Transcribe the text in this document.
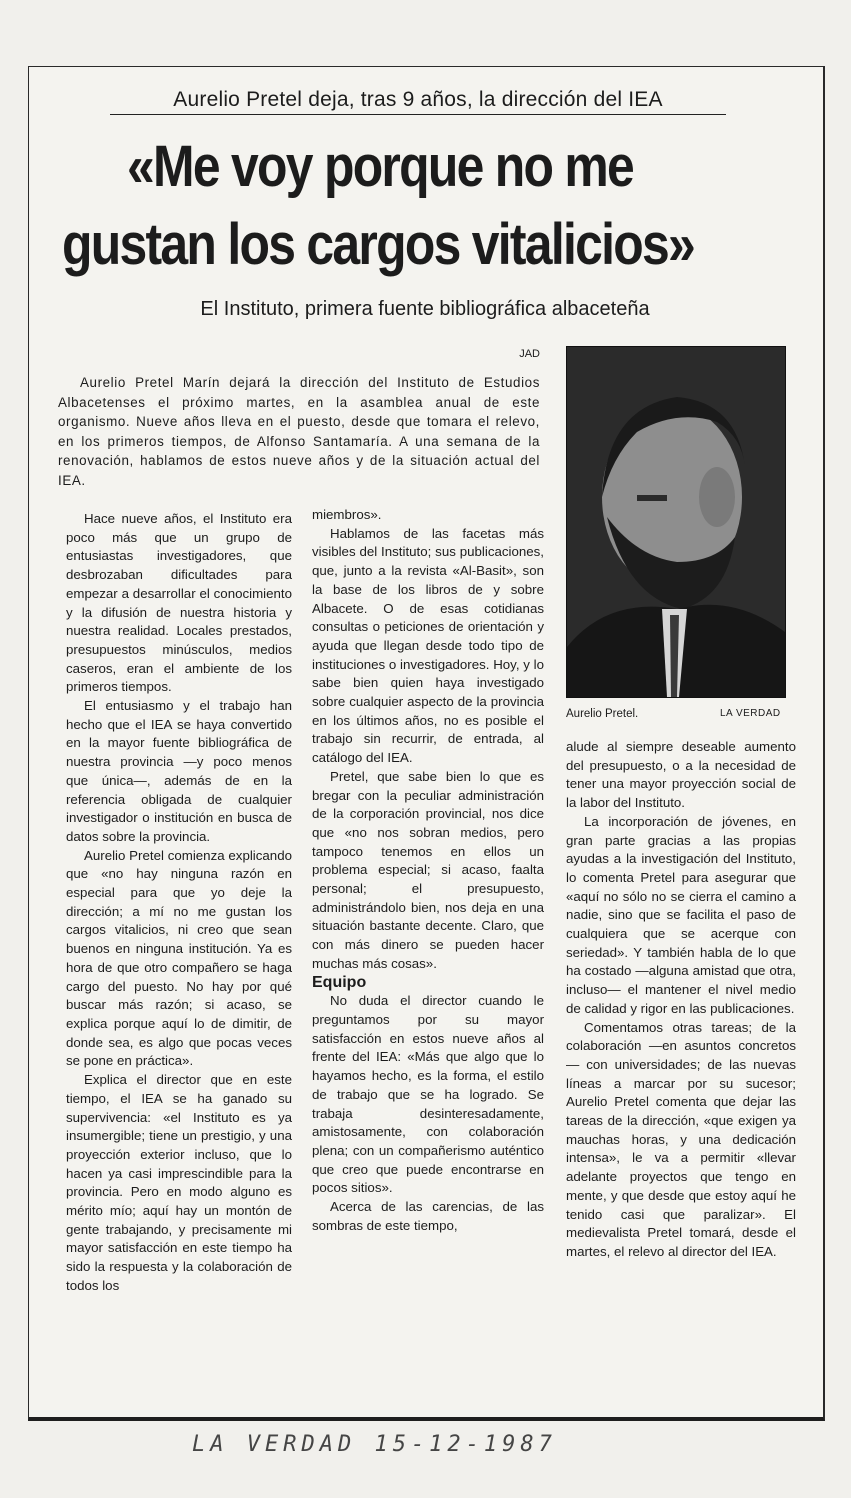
Aurelio Pretel deja, tras 9 años, la dirección del IEA
«Me voy porque no me
gustan los cargos vitalicios»
El Instituto, primera fuente bibliográfica albaceteña
JAD
Aurelio Pretel Marín dejará la dirección del Instituto de Estudios Albacetenses el próximo martes, en la asamblea anual de este organismo. Nueve años lleva en el puesto, desde que tomara el relevo, en los primeros tiempos, de Alfonso Santamaría. A una semana de la renovación, hablamos de estos nueve años y de la situación actual del IEA.
Aurelio Pretel.	LA VERDAD

Hace nueve años, el Instituto era poco más que un grupo de entusiastas investigadores, que desbrozaban dificultades para empezar a desarrollar el conocimiento y la difusión de nuestra historia y nuestra realidad. Locales prestados, presupuestos minúsculos, medios caseros, eran el ambiente de los primeros tiempos.

El entusiasmo y el trabajo han hecho que el IEA se haya convertido en la mayor fuente bibliográfica de nuestra provincia —y poco menos que única—, además de en la referencia obligada de cualquier investigador o institución en busca de datos sobre la provincia.

Aurelio Pretel comienza explicando que «no hay ninguna razón en especial para que yo deje la dirección; a mí no me gustan los cargos vitalicios, ni creo que sean buenos en ninguna institución. Ya es hora de que otro compañero se haga cargo del puesto. No hay por qué buscar más razón; si acaso, se explica porque aquí lo de dimitir, de donde sea, es algo que pocas veces se pone en práctica».

Explica el director que en este tiempo, el IEA se ha ganado su supervivencia: «el Instituto es ya insumergible; tiene un prestigio, y una proyección exterior incluso, que lo hacen ya casi imprescindible para la provincia. Pero en modo alguno es mérito mío; aquí hay un montón de gente trabajando, y precisamente mi mayor satisfacción en este tiempo ha sido la respuesta y la colaboración de todos los

miembros».

Hablamos de las facetas más visibles del Instituto; sus publicaciones, que, junto a la revista «Al-Basit», son la base de los libros de y sobre Albacete. O de esas cotidianas consultas o peticiones de orientación y ayuda que llegan desde todo tipo de instituciones o investigadores. Hoy, y lo sabe bien quien haya investigado sobre cualquier aspecto de la provincia en los últimos años, no es posible el trabajo sin recurrir, de entrada, al catálogo del IEA.

Pretel, que sabe bien lo que es bregar con la peculiar administración de la corporación provincial, nos dice que «no nos sobran medios, pero tampoco tenemos en ellos un problema especial; si acaso, faalta personal; el presupuesto, administrándolo bien, nos deja en una situación bastante decente. Claro, que con más dinero se pueden hacer muchas más cosas».

Equipo

No duda el director cuando le preguntamos por su mayor satisfacción en estos nueve años al frente del IEA: «Más que algo que lo hayamos hecho, es la forma, el estilo de trabajo que se ha logrado. Se trabaja desinteresadamente, amistosamente, con colaboración plena; con un compañerismo auténtico que creo que puede encontrarse en pocos sitios».

Acerca de las carencias, de las sombras de este tiempo,

alude al siempre deseable aumento del presupuesto, o a la necesidad de tener una mayor proyección social de la labor del Instituto.

La incorporación de jóvenes, en gran parte gracias a las propias ayudas a la investigación del Instituto, lo comenta Pretel para asegurar que «aquí no sólo no se cierra el camino a nadie, sino que se facilita el paso de cualquiera que se acerque con seriedad». Y también habla de lo que ha costado —alguna amistad que otra, incluso— el mantener el nivel medio de calidad y rigor en las publicaciones.

Comentamos otras tareas; de la colaboración —en asuntos concretos— con universidades; de las nuevas líneas a marcar por su sucesor; Aurelio Pretel comenta que dejar las tareas de la dirección, «que exigen ya mauchas horas, y una dedicación intensa», le va a permitir «llevar adelante proyectos que tengo en mente, y que desde que estoy aquí he tenido casi que paralizar». El medievalista Pretel tomará, desde el martes, el relevo al director del IEA.

LA VERDAD 15-12-1987
